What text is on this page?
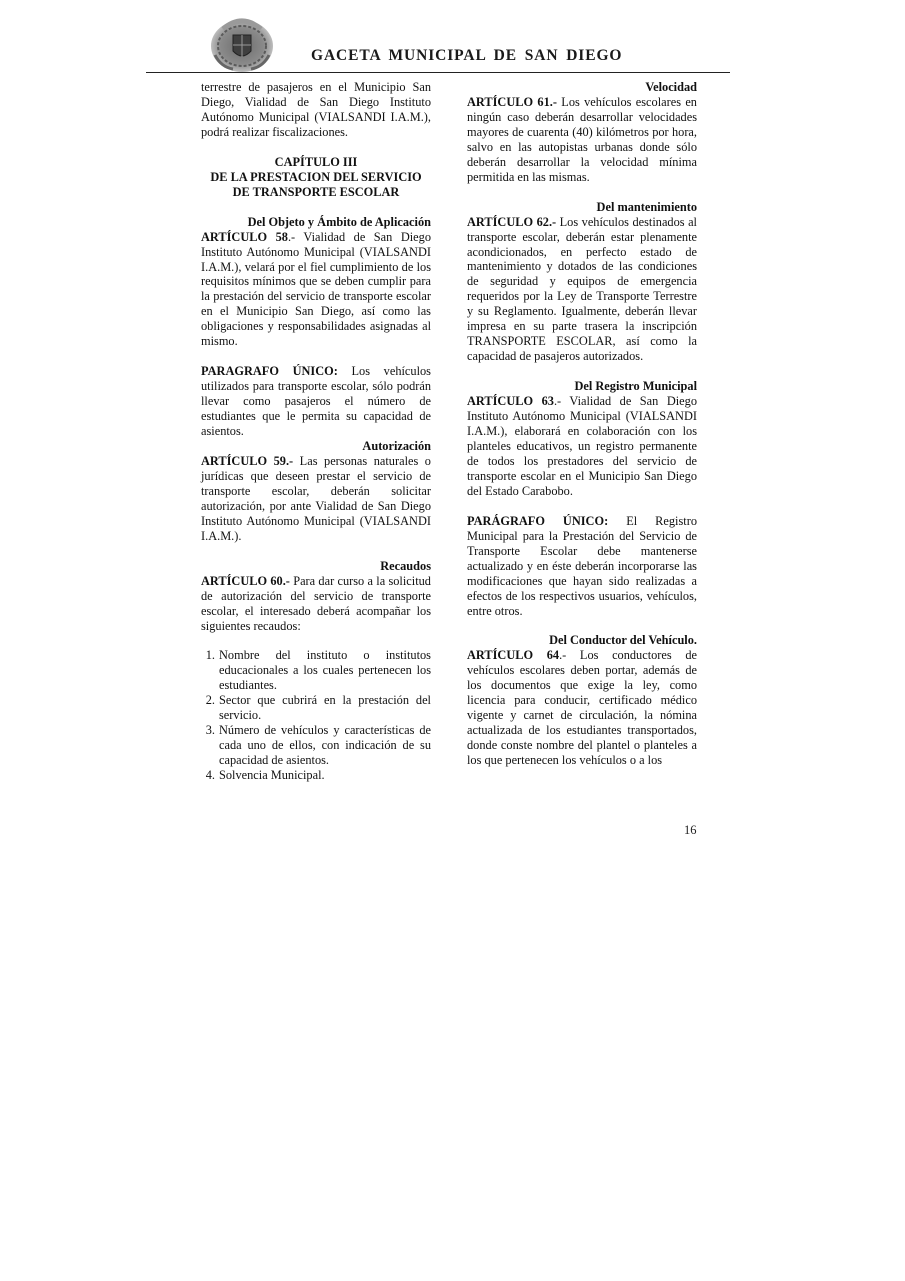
GACETA MUNICIPAL DE SAN DIEGO

terrestre de pasajeros en el Municipio San Diego, Vialidad de San Diego Instituto Autónomo Municipal (VIALSANDI I.A.M.), podrá realizar fiscalizaciones.

CAPÍTULO III

DE LA PRESTACION DEL SERVICIO

DE TRANSPORTE ESCOLAR

Del Objeto y Ámbito de Aplicación

ARTÍCULO 58.- Vialidad de San Diego Instituto Autónomo Municipal (VIALSANDI I.A.M.), velará por el fiel cumplimiento de los requisitos mínimos que se deben cumplir para la prestación del servicio de transporte escolar en el Municipio San Diego, así como las obligaciones y responsabilidades asignadas al mismo.

PARAGRAFO ÚNICO: Los vehículos utilizados para transporte escolar, sólo podrán llevar como pasajeros el número de estudiantes que le permita su capacidad de asientos.

Autorización

ARTÍCULO 59.- Las personas naturales o jurídicas que deseen prestar el servicio de transporte escolar, deberán solicitar autorización, por ante Vialidad de San Diego Instituto Autónomo Municipal (VIALSANDI I.A.M.).

Recaudos

ARTÍCULO 60.- Para dar curso a la solicitud de autorización del servicio de transporte escolar, el interesado deberá acompañar los siguientes recaudos:

1. Nombre del instituto o institutos educacionales a los cuales pertenecen los estudiantes.
2. Sector que cubrirá en la prestación del servicio.
3. Número de vehículos y características de cada uno de ellos, con indicación de su capacidad de asientos.
4. Solvencia Municipal.

Velocidad

ARTÍCULO 61.- Los vehículos escolares en ningún caso deberán desarrollar velocidades mayores de cuarenta (40) kilómetros por hora, salvo en las autopistas urbanas donde sólo deberán desarrollar la velocidad mínima permitida en las mismas.

Del mantenimiento

ARTÍCULO 62.- Los vehículos destinados al transporte escolar, deberán estar plenamente acondicionados, en perfecto estado de mantenimiento y dotados de las condiciones de seguridad y equipos de emergencia requeridos por la Ley de Transporte Terrestre y su Reglamento. Igualmente, deberán llevar impresa en su parte trasera la inscripción TRANSPORTE ESCOLAR, así como la capacidad de pasajeros autorizados.

Del Registro Municipal

ARTÍCULO 63.- Vialidad de San Diego Instituto Autónomo Municipal (VIALSANDI I.A.M.), elaborará en colaboración con los planteles educativos, un registro permanente de todos los prestadores del servicio de transporte escolar en el Municipio San Diego del Estado Carabobo.

PARÁGRAFO ÚNICO: El Registro Municipal para la Prestación del Servicio de Transporte Escolar debe mantenerse actualizado y en éste deberán incorporarse las modificaciones que hayan sido realizadas a efectos de los respectivos usuarios, vehículos, entre otros.

Del Conductor del Vehículo.

ARTÍCULO 64.- Los conductores de vehículos escolares deben portar, además de los documentos que exige la ley, como licencia para conducir, certificado médico vigente y carnet de circulación, la nómina actualizada de los estudiantes transportados, donde conste nombre del plantel o planteles a los que pertenecen los vehículos o a los

16
